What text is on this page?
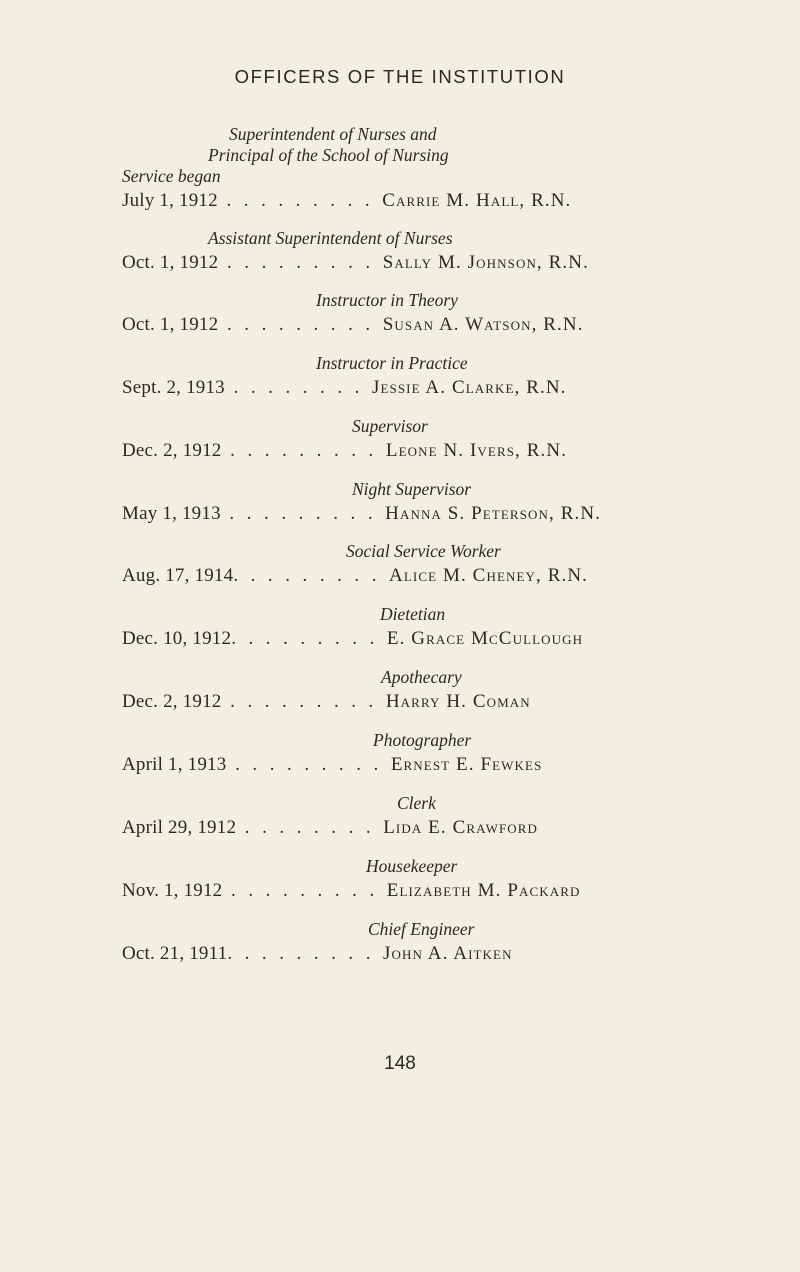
OFFICERS OF THE INSTITUTION
Superintendent of Nurses and
Principal of the School of Nursing
Service began
July 1, 1912 . . . . . . . . . Carrie M. Hall, R.N.
Assistant Superintendent of Nurses
Oct. 1, 1912 . . . . . . . . . Sally M. Johnson, R.N.
Instructor in Theory
Oct. 1, 1912 . . . . . . . . . Susan A. Watson, R.N.
Instructor in Practice
Sept. 2, 1913 . . . . . . . . Jessie A. Clarke, R.N.
Supervisor
Dec. 2, 1912 . . . . . . . . . Leone N. Ivers, R.N.
Night Supervisor
May 1, 1913 . . . . . . . . . Hanna S. Peterson, R.N.
Social Service Worker
Aug. 17, 1914. . . . . . . . . Alice M. Cheney, R.N.
Dietetian
Dec. 10, 1912. . . . . . . . . E. Grace McCullough
Apothecary
Dec. 2, 1912 . . . . . . . . . Harry H. Coman
Photographer
April 1, 1913 . . . . . . . . . Ernest E. Fewkes
Clerk
April 29, 1912 . . . . . . . . Lida E. Crawford
Housekeeper
Nov. 1, 1912 . . . . . . . . . Elizabeth M. Packard
Chief Engineer
Oct. 21, 1911. . . . . . . . . John A. Aitken
148
